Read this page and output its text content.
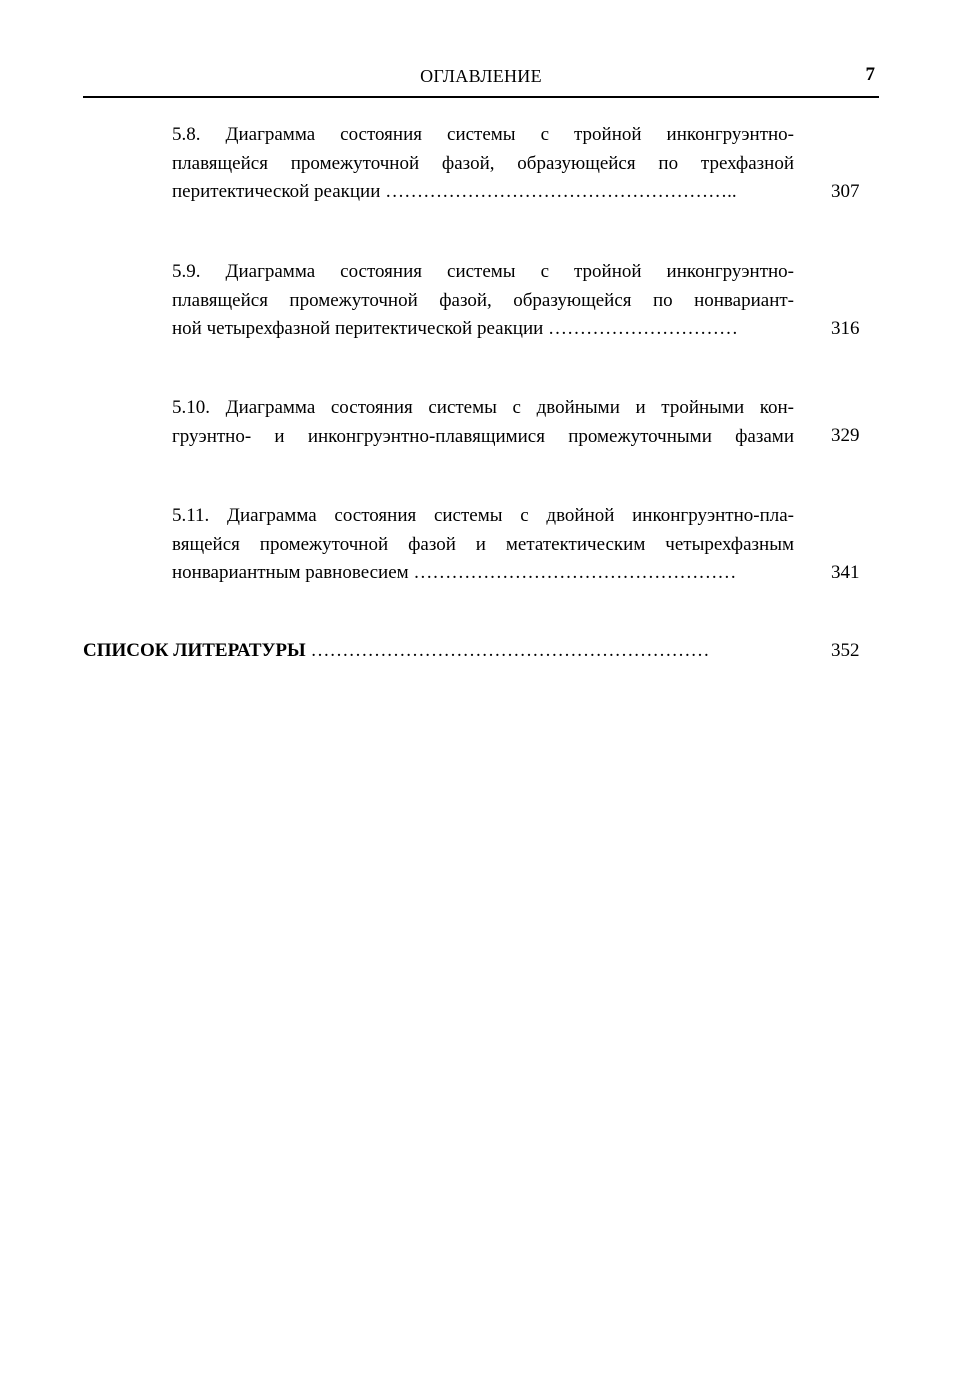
ОГЛАВЛЕНИЕ	7
5.8. Диаграмма состояния системы с тройной инконгруэнтно-
плавящейся промежуточной фазой, образующейся по трехфазной
перитектической реакции ………………………………………………..	307
5.9. Диаграмма состояния системы с тройной инконгруэнтно-
плавящейся промежуточной фазой, образующейся по нонвариант-
ной четырехфазной перитектической реакции …………………………	316
5.10. Диаграмма состояния системы с двойными и тройными кон-
груэнтно- и инконгруэнтно-плавящимися промежуточными фазами 329
5.11. Диаграмма состояния системы с двойной инконгруэнтно-пла-
вящейся промежуточной фазой и метатектическим четырехфазным
нонвариантным равновесием ……………………………………………	341
СПИСОК ЛИТЕРАТУРЫ ………………………………………………………	352
